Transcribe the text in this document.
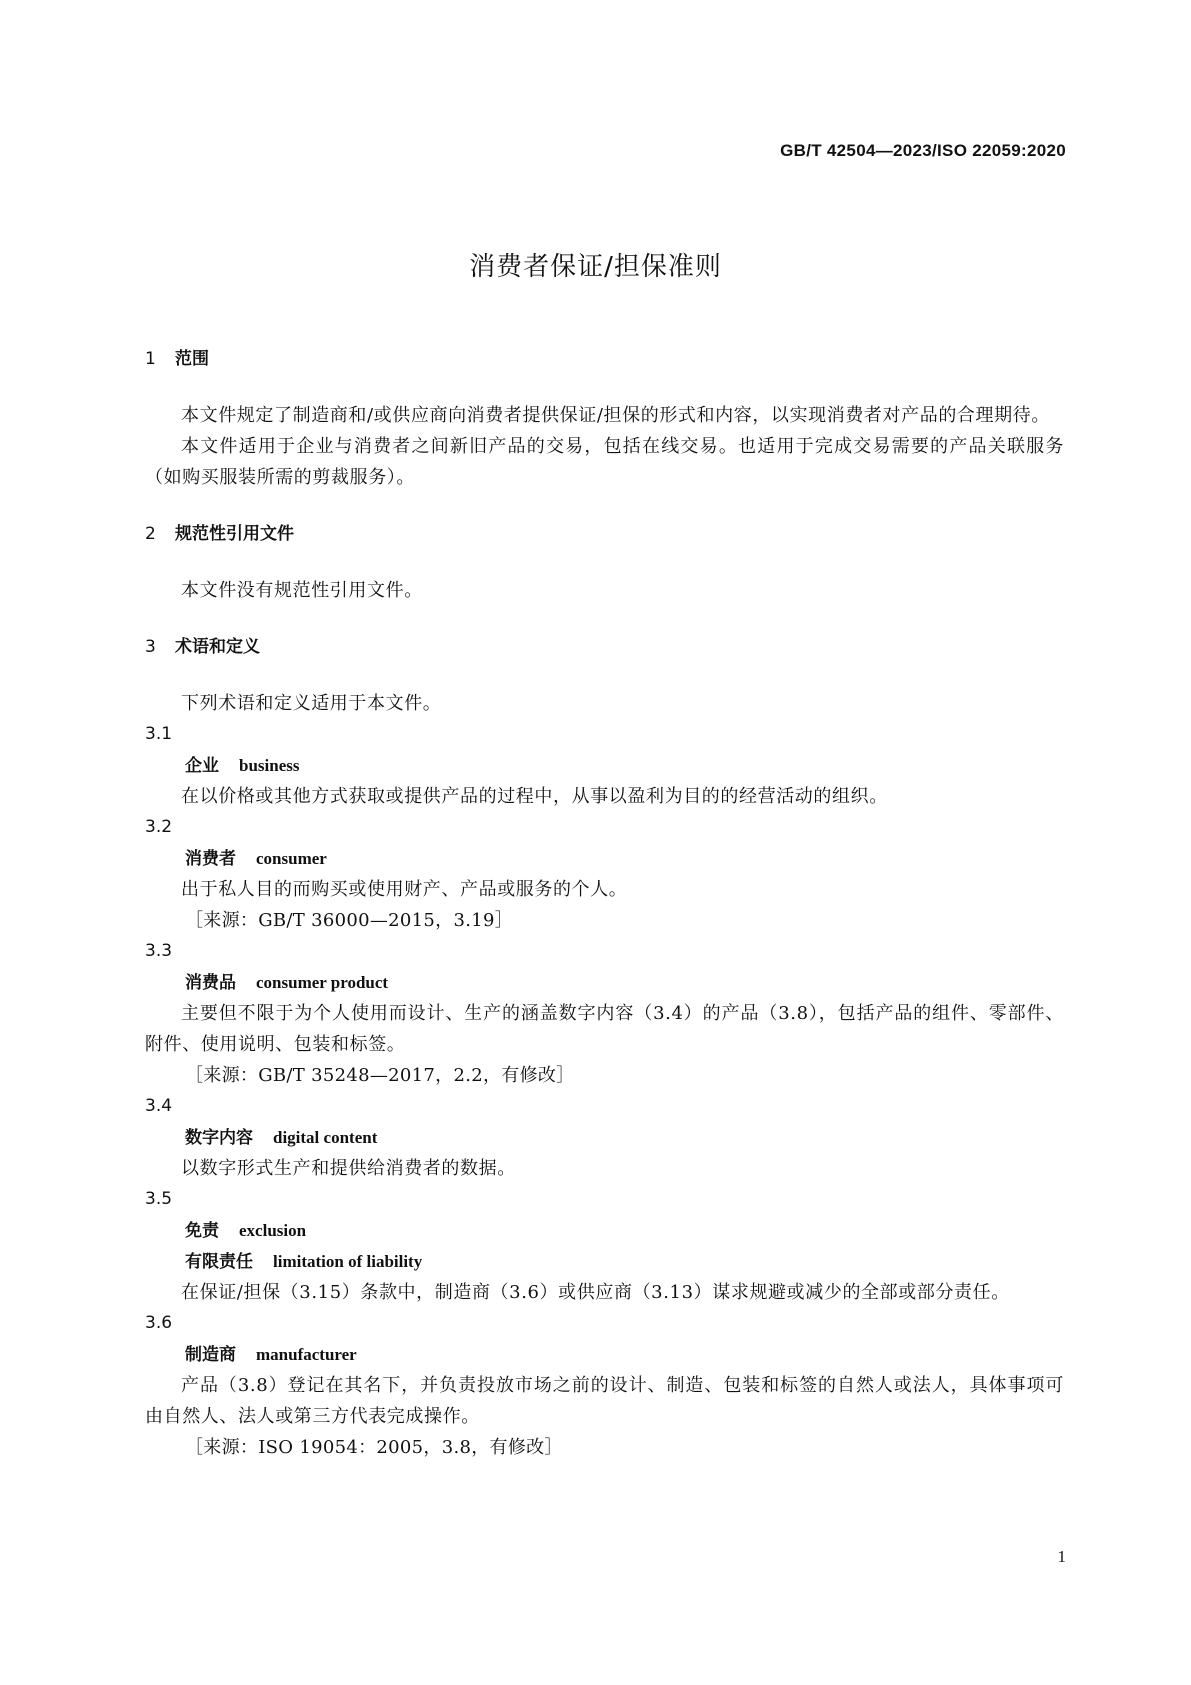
GB/T 42504—2023/ISO 22059:2020
消费者保证/担保准则
1 范围

本文件规定了制造商和/或供应商向消费者提供保证/担保的形式和内容，以实现消费者对产品的合理期待。

本文件适用于企业与消费者之间新旧产品的交易，包括在线交易。也适用于完成交易需要的产品关联服务（如购买服装所需的剪裁服务）。

2 规范性引用文件

本文件没有规范性引用文件。

3 术语和定义

下列术语和定义适用于本文件。

3.1
企业 business

在以价格或其他方式获取或提供产品的过程中，从事以盈利为目的的经营活动的组织。

3.2
消费者 consumer

出于私人目的而购买或使用财产、产品或服务的个人。

［来源：GB/T 36000—2015，3.19］
3.3
消费品 consumer product

主要但不限于为个人使用而设计、生产的涵盖数字内容（3.4）的产品（3.8），包括产品的组件、零部件、附件、使用说明、包装和标签。

［来源：GB/T 35248—2017，2.2，有修改］
3.4
数字内容 digital content

以数字形式生产和提供给消费者的数据。

3.5
免责 exclusion
有限责任 limitation of liability

在保证/担保（3.15）条款中，制造商（3.6）或供应商（3.13）谋求规避或减少的全部或部分责任。

3.6
制造商 manufacturer

产品（3.8）登记在其名下，并负责投放市场之前的设计、制造、包装和标签的自然人或法人，具体事项可由自然人、法人或第三方代表完成操作。

［来源：ISO 19054：2005，3.8，有修改］
1
